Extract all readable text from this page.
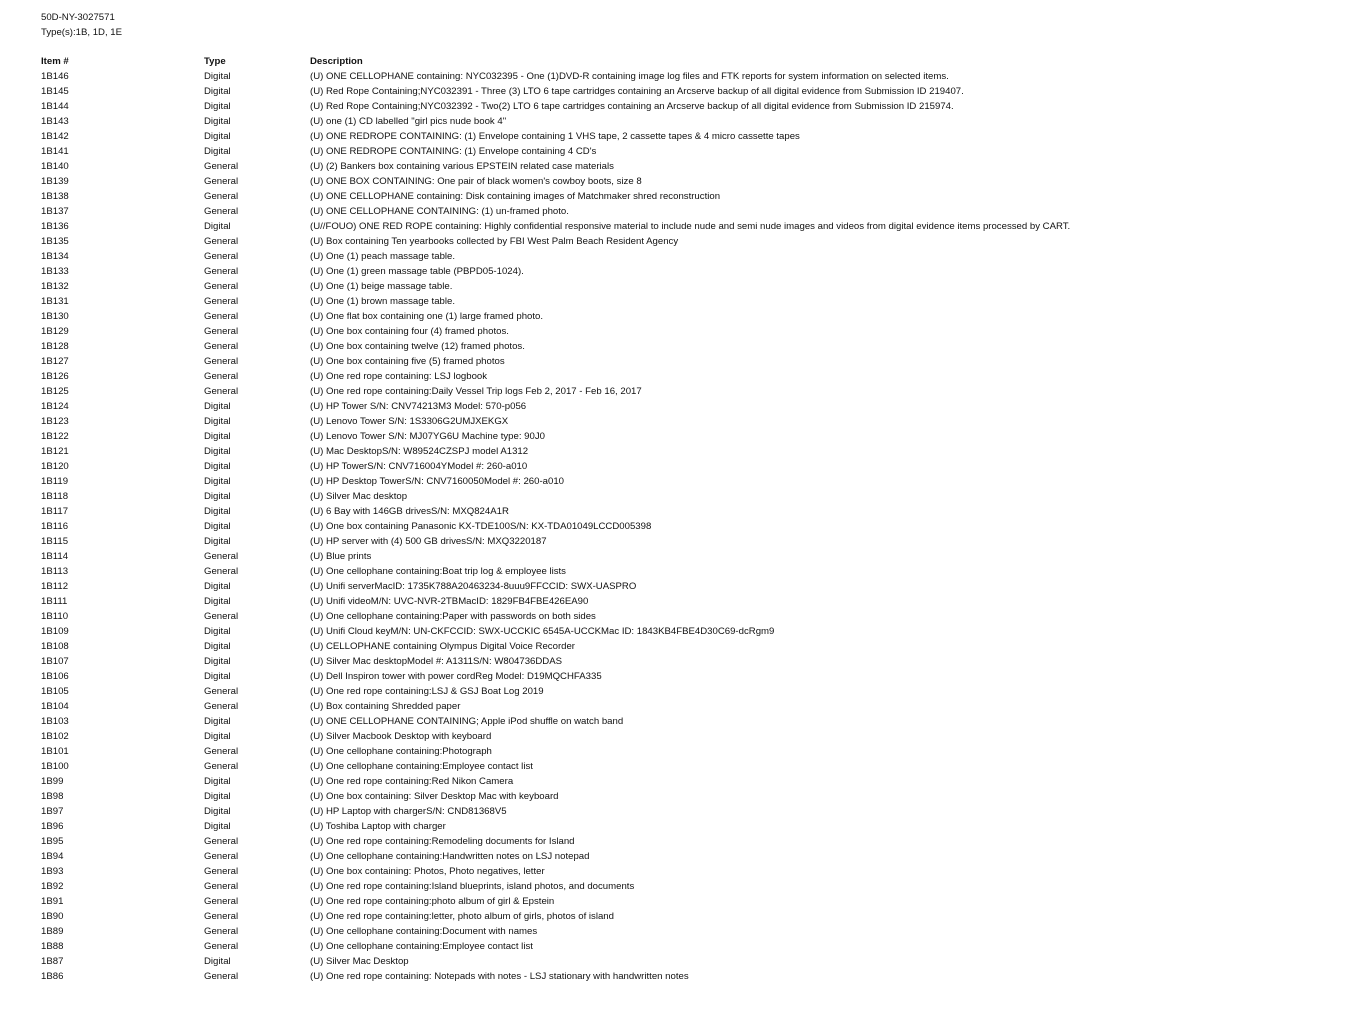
50D-NY-3027571
Type(s):1B, 1D, 1E
Item #	Type	Description
1B146	Digital	(U) ONE CELLOPHANE containing: NYC032395 - One (1)DVD-R containing image log files and FTK reports for system information on selected items.
1B145	Digital	(U) Red Rope Containing;NYC032391 - Three (3) LTO 6 tape cartridges containing an Arcserve backup of all digital evidence from Submission ID 219407.
1B144	Digital	(U) Red Rope Containing;NYC032392 - Two(2) LTO 6 tape cartridges containing an Arcserve backup of all digital evidence from Submission ID 215974.
1B143	Digital	(U) one (1) CD labelled "girl pics nude book 4"
1B142	Digital	(U) ONE REDROPE CONTAINING: (1) Envelope containing 1 VHS tape, 2 cassette tapes & 4 micro cassette tapes
1B141	Digital	(U) ONE REDROPE CONTAINING: (1) Envelope containing 4 CD's
1B140	General	(U) (2) Bankers box containing various EPSTEIN related case materials
1B139	General	(U) ONE BOX CONTAINING: One pair of black women's cowboy boots, size 8
1B138	General	(U) ONE CELLOPHANE containing: Disk containing images of Matchmaker shred reconstruction
1B137	General	(U) ONE CELLOPHANE CONTAINING: (1) un-framed photo.
1B136	Digital	(U//FOUO) ONE RED ROPE containing: Highly confidential responsive material to include nude and semi nude images and videos from digital evidence items processed by CART.
1B135	General	(U) Box containing Ten yearbooks collected by FBI West Palm Beach Resident Agency
1B134	General	(U) One (1) peach massage table.
1B133	General	(U) One (1) green massage table (PBPD05-1024).
1B132	General	(U) One (1) beige massage table.
1B131	General	(U) One (1) brown massage table.
1B130	General	(U) One flat box containing one (1) large framed photo.
1B129	General	(U) One box containing four (4) framed photos.
1B128	General	(U) One box containing twelve (12) framed photos.
1B127	General	(U) One box containing five (5) framed photos
1B126	General	(U) One red rope containing: LSJ logbook
1B125	General	(U) One red rope containing:Daily Vessel Trip logs Feb 2, 2017 - Feb 16, 2017
1B124	Digital	(U) HP Tower S/N: CNV74213M3 Model: 570-p056
1B123	Digital	(U) Lenovo Tower S/N: 1S3306G2UMJXEKGX
1B122	Digital	(U) Lenovo Tower S/N: MJ07YG6U Machine type: 90J0
1B121	Digital	(U) Mac DesktopS/N: W89524CZSPJ model A1312
1B120	Digital	(U) HP TowerS/N: CNV716004YModel #: 260-a010
1B119	Digital	(U) HP Desktop TowerS/N: CNV7160050Model #: 260-a010
1B118	Digital	(U) Silver Mac desktop
1B117	Digital	(U) 6 Bay with 146GB drivesS/N: MXQ824A1R
1B116	Digital	(U) One box containing Panasonic KX-TDE100S/N: KX-TDA01049LCCD005398
1B115	Digital	(U) HP server with (4) 500 GB drivesS/N: MXQ3220187
1B114	General	(U) Blue prints
1B113	General	(U) One cellophane containing:Boat trip log & employee lists
1B112	Digital	(U) Unifi serverMacID: 1735K788A20463234-8uuu9FFCCID: SWX-UASPRO
1B111	Digital	(U) Unifi videoM/N: UVC-NVR-2TBMacID: 1829FB4FBE426EA90
1B110	General	(U) One cellophane containing:Paper with passwords on both sides
1B109	Digital	(U) Unifi Cloud keyM/N: UN-CKFCCID: SWX-UCCKIC 6545A-UCCKMac ID: 1843KB4FBE4D30C69-dcRgm9
1B108	Digital	(U) CELLOPHANE containing Olympus Digital Voice Recorder
1B107	Digital	(U) Silver Mac desktopModel #: A1311S/N: W804736DDAS
1B106	Digital	(U) Dell Inspiron tower with power cordReg Model: D19MQCHFA335
1B105	General	(U) One red rope containing:LSJ & GSJ Boat Log 2019
1B104	General	(U) Box containing Shredded paper
1B103	Digital	(U) ONE CELLOPHANE CONTAINING; Apple iPod shuffle on watch band
1B102	Digital	(U) Silver Macbook Desktop with keyboard
1B101	General	(U) One cellophane containing:Photograph
1B100	General	(U) One cellophane containing:Employee contact list
1B99	Digital	(U) One red rope containing:Red Nikon Camera
1B98	Digital	(U) One box containing: Silver Desktop Mac with keyboard
1B97	Digital	(U) HP Laptop with chargerS/N: CND81368V5
1B96	Digital	(U) Toshiba Laptop with charger
1B95	General	(U) One red rope containing:Remodeling documents for Island
1B94	General	(U) One cellophane containing:Handwritten notes on LSJ notepad
1B93	General	(U) One box containing: Photos, Photo negatives, letter
1B92	General	(U) One red rope containing:Island blueprints, island photos, and documents
1B91	General	(U) One red rope containing:photo album of girl & Epstein
1B90	General	(U) One red rope containing:letter, photo album of girls, photos of island
1B89	General	(U) One cellophane containing:Document with names
1B88	General	(U) One cellophane containing:Employee contact list
1B87	Digital	(U) Silver Mac Desktop
1B86	General	(U) One red rope containing: Notepads with notes - LSJ stationary with handwritten notes
